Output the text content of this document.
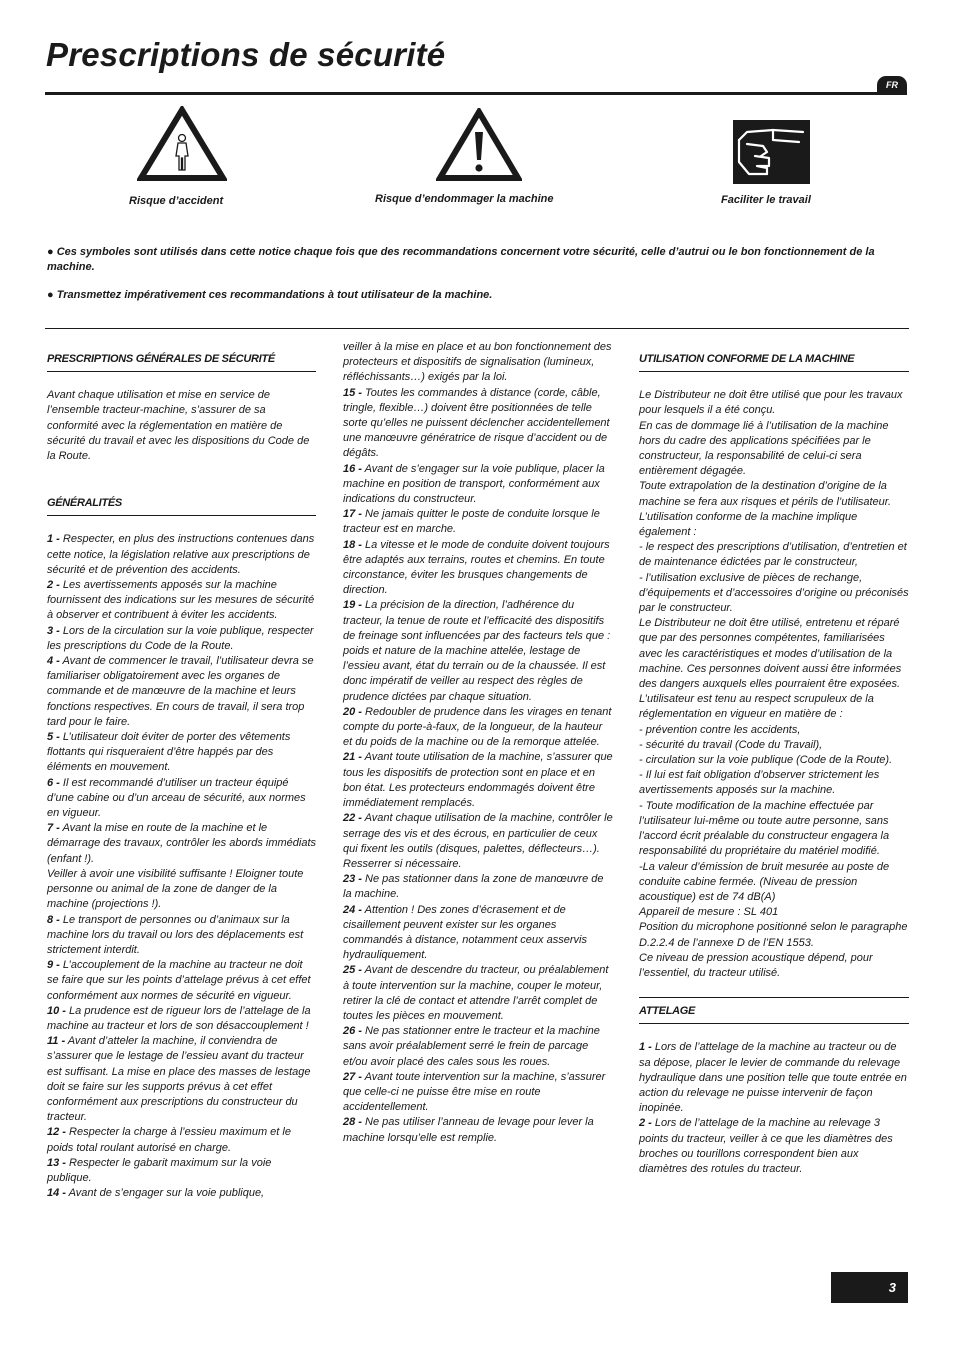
Prescriptions de sécurité
FR
Risque d’accident	Risque d’endommager la machine	Faciliter le travail

● Ces symboles sont utilisés dans cette notice chaque fois que des recommandations concernent votre sécurité, celle d’autrui ou le bon fonctionnement de la machine.

● Transmettez impérativement ces recommandations à tout utilisateur de la machine.

PRESCRIPTIONS GÉNÉRALES DE SÉCURITÉ

Avant chaque utilisation et mise en service de l’ensemble tracteur-machine, s’assurer de sa conformité avec la réglementation en matière de sécurité du travail et avec les dispositions du Code de la Route.

GÉNÉRALITÉS

1 - Respecter, en plus des instructions contenues dans cette notice, la législation relative aux prescriptions de sécurité et de prévention des accidents.

2 - Les avertissements apposés sur la machine fournissent des indications sur les mesures de sécurité à observer et contribuent à éviter les accidents.

3 - Lors de la circulation sur la voie publique, respecter les prescriptions du Code de la Route.

4 - Avant de commencer le travail, l’utilisateur devra se familiariser obligatoirement avec les organes de commande et de manœuvre de la machine et leurs fonctions respectives. En cours de travail, il sera trop tard pour le faire.

5 - L’utilisateur doit éviter de porter des vêtements flottants qui risqueraient d’être happés par des éléments en mouvement.

6 - Il est recommandé d’utiliser un tracteur équipé d’une cabine ou d’un arceau de sécurité, aux normes en vigueur.

7 - Avant la mise en route de la machine et le démarrage des travaux, contrôler les abords immédiats (enfant !).

Veiller à avoir une visibilité suffisante ! Eloigner toute personne ou animal de la zone de danger de la machine (projections !).

8 - Le transport de personnes ou d’animaux sur la machine lors du travail ou lors des déplacements est strictement interdit.

9 - L’accouplement de la machine au tracteur ne doit se faire que sur les points d’attelage prévus à cet effet conformément aux normes de sécurité en vigueur.

10 - La prudence est de rigueur lors de l’attelage de la machine au tracteur et lors de son désaccouplement !

11 - Avant d’atteler la machine, il conviendra de s’assurer que le lestage de l’essieu avant du tracteur est suffisant. La mise en place des masses de lestage doit se faire sur les supports prévus à cet effet conformément aux prescriptions du constructeur du tracteur.

12 - Respecter la charge à l’essieu maximum et le poids total roulant autorisé en charge.

13 - Respecter le gabarit maximum sur la voie publique.

14 - Avant de s’engager sur la voie publique,

veiller à la mise en place et au bon fonctionnement des protecteurs et dispositifs de signalisation (lumineux, réfléchissants…) exigés par la loi.

15 - Toutes les commandes à distance (corde, câble, tringle, flexible…) doivent être positionnées de telle sorte qu’elles ne puissent déclencher accidentellement une manœuvre génératrice de risque d’accident ou de dégâts.

16 - Avant de s’engager sur la voie publique, placer la machine en position de transport, conformément aux indications du constructeur.

17 - Ne jamais quitter le poste de conduite lorsque le tracteur est en marche.

18 - La vitesse et le mode de conduite doivent toujours être adaptés aux terrains, routes et chemins. En toute circonstance, éviter les brusques changements de direction.

19 - La précision de la direction, l’adhérence du tracteur, la tenue de route et l’efficacité des dispositifs de freinage sont influencées par des facteurs tels que : poids et nature de la machine attelée, lestage de l’essieu avant, état du terrain ou de la chaussée. Il est donc impératif de veiller au respect des règles de prudence dictées par chaque situation.

20 - Redoubler de prudence dans les virages en tenant compte du porte-à-faux, de la longueur, de la hauteur et du poids de la machine ou de la remorque attelée.

21 - Avant toute utilisation de la machine, s’assurer que tous les dispositifs de protection sont en place et en bon état. Les protecteurs endommagés doivent être immédiatement remplacés.

22 - Avant chaque utilisation de la machine, contrôler le serrage des vis et des écrous, en particulier de ceux qui fixent les outils (disques, palettes, déflecteurs…). Resserrer si nécessaire.

23 - Ne pas stationner dans la zone de manœuvre de la machine.

24 - Attention ! Des zones d’écrasement et de cisaillement peuvent exister sur les organes commandés à distance, notamment ceux asservis hydrauliquement.

25 - Avant de descendre du tracteur, ou préalablement à toute intervention sur la machine, couper le moteur, retirer la clé de contact et attendre l’arrêt complet de toutes les pièces en mouvement.

26 - Ne pas stationner entre le tracteur et la machine sans avoir préalablement serré le frein de parcage et/ou avoir placé des cales sous les roues.

27 - Avant toute intervention sur la machine, s’assurer que celle-ci ne puisse être mise en route accidentellement.

28 - Ne pas utiliser l’anneau de levage pour lever la machine lorsqu’elle est remplie.

UTILISATION CONFORME DE LA MACHINE

Le Distributeur ne doit être utilisé que pour les travaux pour lesquels il a été conçu.

En cas de dommage lié à l’utilisation de la machine hors du cadre des applications spécifiées par le constructeur, la responsabilité de celui-ci sera entièrement dégagée.

Toute extrapolation de la destination d’origine de la machine se fera aux risques et périls de l’utilisateur.

L’utilisation conforme de la machine implique également :

- le respect des prescriptions d’utilisation, d’entretien et de maintenance édictées par le constructeur,

- l’utilisation exclusive de pièces de rechange, d’équipements et d’accessoires d’origine ou préconisés par le constructeur.

Le Distributeur ne doit être utilisé, entretenu et réparé que par des personnes compétentes, familiarisées avec les caractéristiques et modes d’utilisation de la machine. Ces personnes doivent aussi être informées des dangers auxquels elles pourraient être exposées.

L’utilisateur est tenu au respect scrupuleux de la réglementation en vigueur en matière de :

- prévention contre les accidents,

- sécurité du travail (Code du Travail),

- circulation sur la voie publique (Code de la Route).

- Il lui est fait obligation d’observer strictement les avertissements apposés sur la machine.

- Toute modification de la machine effectuée par l’utilisateur lui-même ou toute autre personne, sans l’accord écrit préalable du constructeur engagera la responsabilité du propriétaire du matériel modifié.

-La valeur d’émission de bruit mesurée au poste de conduite cabine fermée. (Niveau de pression acoustique) est de 74 dB(A)

Appareil de mesure : SL 401

Position du microphone positionné selon le paragraphe D.2.2.4 de l’annexe D de l’EN 1553.

Ce niveau de pression acoustique dépend, pour l’essentiel, du tracteur utilisé.

ATTELAGE

1 - Lors de l’attelage de la machine au tracteur ou de sa dépose, placer le levier de commande du relevage hydraulique dans une position telle que toute entrée en action du relevage ne puisse intervenir de façon inopinée.

2 - Lors de l’attelage de la machine au relevage 3 points du tracteur, veiller à ce que les diamètres des broches ou tourillons correspondent bien aux diamètres des rotules du tracteur.

3
